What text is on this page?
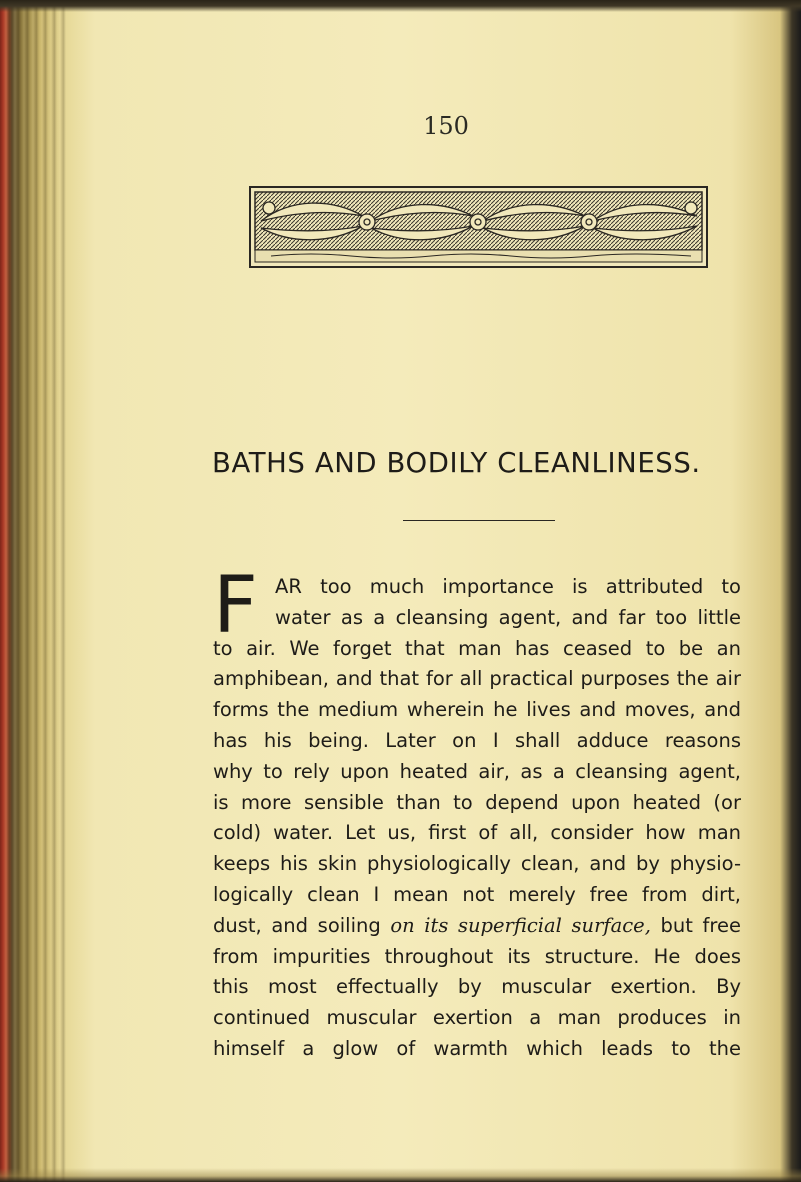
150
BATHS AND BODILY CLEANLINESS.
F AR too much importance is attributed to
water as a cleansing agent, and far too little
to air. We forget that man has ceased to be an
amphibean, and that for all practical purposes the air
forms the medium wherein he lives and moves, and
has his being. Later on I shall adduce reasons
why to rely upon heated air, as a cleansing agent,
is more sensible than to depend upon heated (or
cold) water. Let us, first of all, consider how man
keeps his skin physiologically clean, and by physio-
logically clean I mean not merely free from dirt,
dust, and soiling on its superficial surface, but free
from impurities throughout its structure. He does
this most effectually by muscular exertion. By
continued muscular exertion a man produces in
himself a glow of warmth which leads to the
